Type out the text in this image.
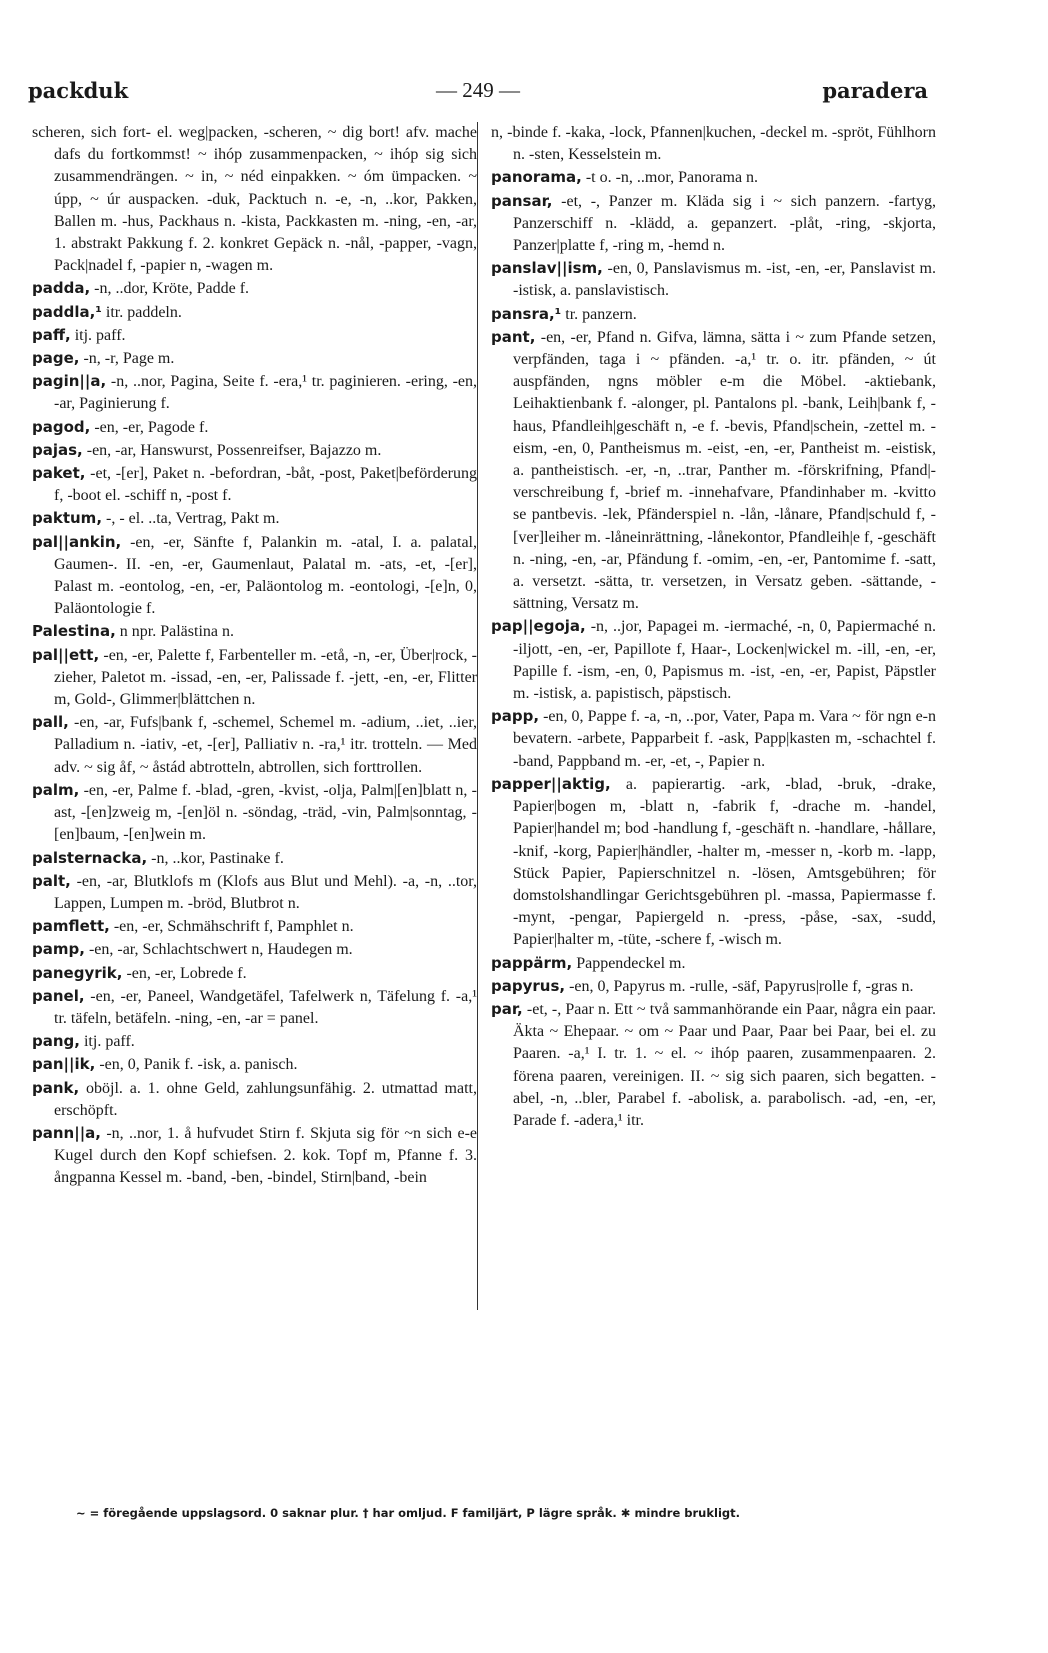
packduk	— 249 —	paradera

scheren, sich fort- el. weg|packen, -scheren, ~ dig bort! afv. mache dafs du fortkommst! ~ ihóp zusammenpacken, ~ ihóp sig sich zusammendrängen. ~ in, ~ néd einpakken. ~ óm ümpacken. ~ úpp, ~ úr auspacken. -duk, Packtuch n. -e, -n, ..kor, Pakken, Ballen m. -hus, Packhaus n. -kista, Packkasten m. -ning, -en, -ar, 1. abstrakt Pakkung f. 2. konkret Gepäck n. -nål, -papper, -vagn, Pack|nadel f, -papier n, -wagen m.

padda, -n, ..dor, Kröte, Padde f.

paddla,¹ itr. paddeln.

paff, itj. paff.

page, -n, -r, Page m.

pagin||a, -n, ..nor, Pagina, Seite f. -era,¹ tr. paginieren. -ering, -en, -ar, Paginierung f.

pagod, -en, -er, Pagode f.

pajas, -en, -ar, Hanswurst, Possenreifser, Bajazzo m.

paket, -et, -[er], Paket n. -befordran, -båt, -post, Paket|beförderung f, -boot el. -schiff n, -post f.

paktum, -, - el. ..ta, Vertrag, Pakt m.

pal||ankin, -en, -er, Sänfte f, Palankin m. -atal, I. a. palatal, Gaumen-. II. -en, -er, Gaumenlaut, Palatal m. -ats, -et, -[er], Palast m. -eontolog, -en, -er, Paläontolog m. -eontologi, -[e]n, 0, Paläontologie f.

Palestina, n npr. Palästina n.

pal||ett, -en, -er, Palette f, Farbenteller m. -etå, -n, -er, Über|rock, -zieher, Paletot m. -issad, -en, -er, Palissade f. -jett, -en, -er, Flitter m, Gold-, Glimmer|blättchen n.

pall, -en, -ar, Fufs|bank f, -schemel, Schemel m. -adium, ..iet, ..ier, Palladium n. -iativ, -et, -[er], Palliativ n. -ra,¹ itr. trotteln. — Med adv. ~ sig åf, ~ åstád abtrotteln, abtrollen, sich forttrollen.

palm, -en, -er, Palme f. -blad, -gren, -kvist, -olja, Palm|[en]blatt n, -ast, -[en]zweig m, -[en]öl n. -söndag, -träd, -vin, Palm|sonntag, -[en]baum, -[en]wein m.

palsternacka, -n, ..kor, Pastinake f.

palt, -en, -ar, Blutklofs m (Klofs aus Blut und Mehl). -a, -n, ..tor, Lappen, Lumpen m. -bröd, Blutbrot n.

pamflett, -en, -er, Schmähschrift f, Pamphlet n.

pamp, -en, -ar, Schlachtschwert n, Haudegen m.

panegyrik, -en, -er, Lobrede f.

panel, -en, -er, Paneel, Wandgetäfel, Tafelwerk n, Täfelung f. -a,¹ tr. täfeln, betäfeln. -ning, -en, -ar = panel.

pang, itj. paff.

pan||ik, -en, 0, Panik f. -isk, a. panisch.

pank, oböjl. a. 1. ohne Geld, zahlungsunfähig. 2. utmattad matt, erschöpft.

pann||a, -n, ..nor, 1. å hufvudet Stirn f. Skjuta sig för ~n sich e-e Kugel durch den Kopf schiefsen. 2. kok. Topf m, Pfanne f. 3. ångpanna Kessel m. -band, -ben, -bindel, Stirn|band, -bein

n, -binde f. -kaka, -lock, Pfannen|kuchen, -deckel m. -spröt, Fühlhorn n. -sten, Kesselstein m.

panorama, -t o. -n, ..mor, Panorama n.

pansar, -et, -, Panzer m. Kläda sig i ~ sich panzern. -fartyg, Panzerschiff n. -klädd, a. gepanzert. -plåt, -ring, -skjorta, Panzer|platte f, -ring m, -hemd n.

panslav||ism, -en, 0, Panslavismus m. -ist, -en, -er, Panslavist m. -istisk, a. panslavistisch.

pansra,¹ tr. panzern.

pant, -en, -er, Pfand n. Gifva, lämna, sätta i ~ zum Pfande setzen, verpfänden, taga i ~ pfänden. -a,¹ tr. o. itr. pfänden, ~ út auspfänden, ngns möbler e-m die Möbel. -aktiebank, Leihaktienbank f. -alonger, pl. Pantalons pl. -bank, Leih|bank f, -haus, Pfandleih|geschäft n, -e f. -bevis, Pfand|schein, -zettel m. -eism, -en, 0, Pantheismus m. -eist, -en, -er, Pantheist m. -eistisk, a. pantheistisch. -er, -n, ..trar, Panther m. -förskrifning, Pfand|-verschreibung f, -brief m. -innehafvare, Pfandinhaber m. -kvitto se pantbevis. -lek, Pfänderspiel n. -lån, -lånare, Pfand|schuld f, -[ver]leiher m. -låneinrättning, -lånekontor, Pfandleih|e f, -geschäft n. -ning, -en, -ar, Pfändung f. -omim, -en, -er, Pantomime f. -satt, a. versetzt. -sätta, tr. versetzen, in Versatz geben. -sättande, -sättning, Versatz m.

pap||egoja, -n, ..jor, Papagei m. -iermaché, -n, 0, Papiermaché n. -iljott, -en, -er, Papillote f, Haar-, Locken|wickel m. -ill, -en, -er, Papille f. -ism, -en, 0, Papismus m. -ist, -en, -er, Papist, Päpstler m. -istisk, a. papistisch, päpstisch.

papp, -en, 0, Pappe f. -a, -n, ..por, Vater, Papa m. Vara ~ för ngn e-n bevatern. -arbete, Papparbeit f. -ask, Papp|kasten m, -schachtel f. -band, Pappband m. -er, -et, -, Papier n.

papper||aktig, a. papierartig. -ark, -blad, -bruk, -drake, Papier|bogen m, -blatt n, -fabrik f, -drache m. -handel, Papier|handel m; bod -handlung f, -geschäft n. -handlare, -hållare, -knif, -korg, Papier|händler, -halter m, -messer n, -korb m. -lapp, Stück Papier, Papierschnitzel n. -lösen, Amtsgebühren; för domstolshandlingar Gerichtsgebühren pl. -massa, Papiermasse f. -mynt, -pengar, Papiergeld n. -press, -påse, -sax, -sudd, Papier|halter m, -tüte, -schere f, -wisch m.

pappärm, Pappendeckel m.

papyrus, -en, 0, Papyrus m. -rulle, -säf, Papyrus|rolle f, -gras n.

par, -et, -, Paar n. Ett ~ två sammanhörande ein Paar, några ein paar. Äkta ~ Ehepaar. ~ om ~ Paar und Paar, Paar bei Paar, bei el. zu Paaren. -a,¹ I. tr. 1. ~ el. ~ ihóp paaren, zusammenpaaren. 2. förena paaren, vereinigen. II. ~ sig sich paaren, sich begatten. -abel, -n, ..bler, Parabel f. -abolisk, a. parabolisch. -ad, -en, -er, Parade f. -adera,¹ itr.

~ = föregående uppslagsord. 0 saknar plur. † har omljud. F familjärt, P lägre språk. ✱ mindre brukligt.
